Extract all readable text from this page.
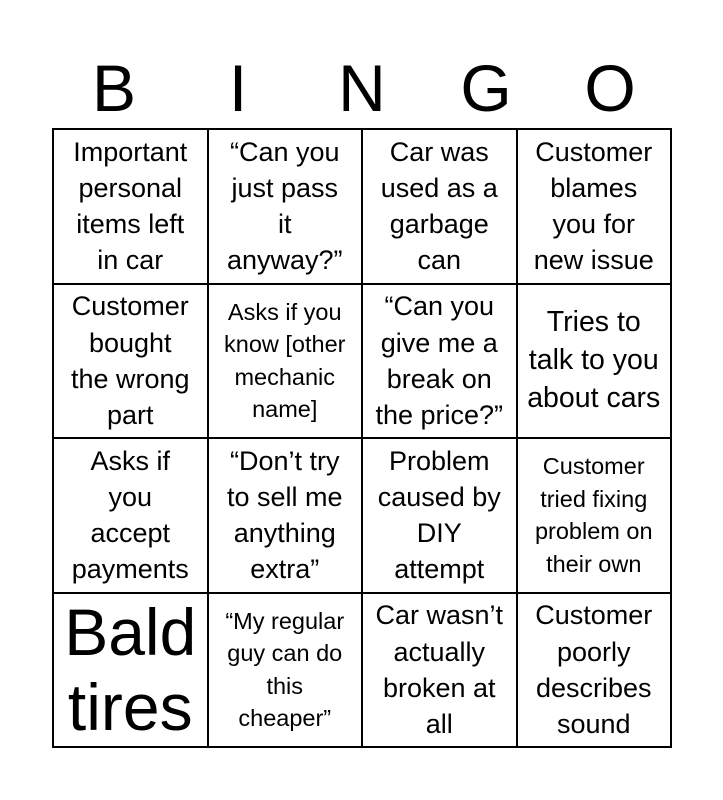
B	I	N	G	O
Important
personal
items left
in car
“Can you
just pass
it
anyway?”
Car was
used as a
garbage
can
Customer
blames
you for
new issue
Customer
bought
the wrong
part
Asks if you
know [other
mechanic
name]
“Can you
give me a
break on
the price?”
Tries to
talk to you
about cars
Asks if
you
accept
payments
“Don’t try
to sell me
anything
extra”
Problem
caused by
DIY
attempt
Customer
tried fixing
problem on
their own
Bald
tires
“My regular
guy can do
this
cheaper”
Car wasn’t
actually
broken at
all
Customer
poorly
describes
sound
